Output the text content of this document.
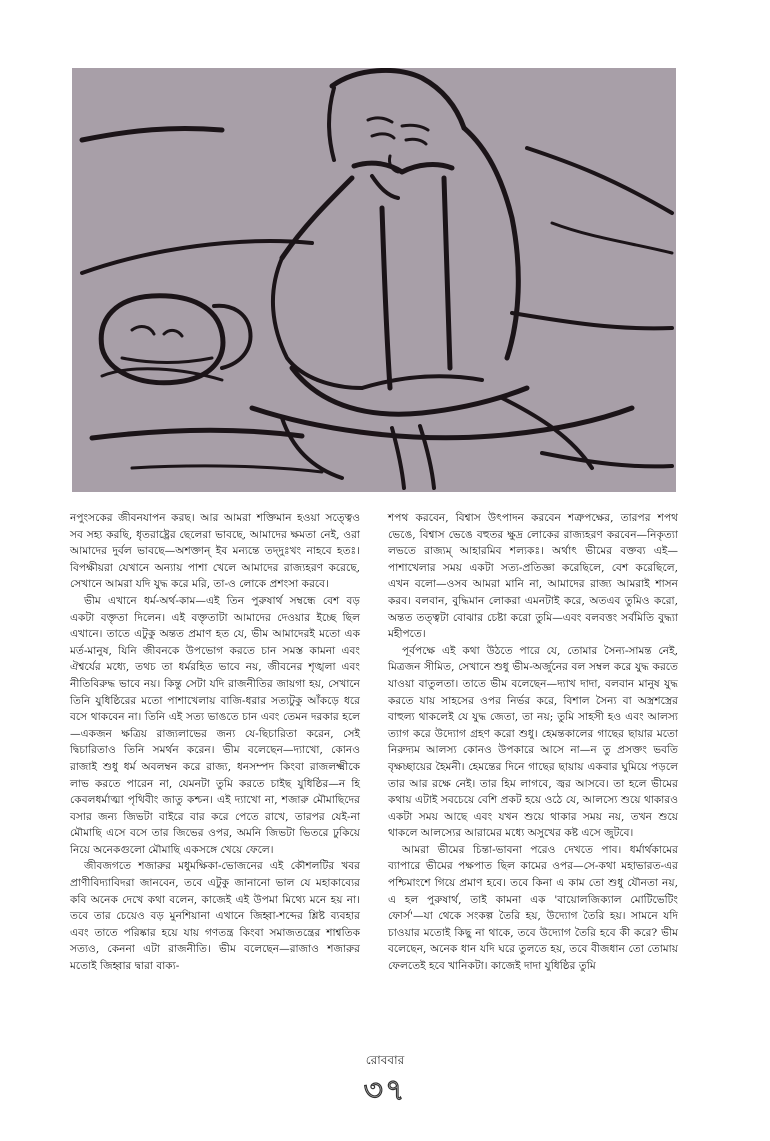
নপুংসকের জীবনযাপন করছ। আর আমরা শক্তিমান হওয়া সত্ত্বেও সব সহ্য করছি, ধৃতরাষ্ট্রের ছেলেরা ভাবছে, আমাদের ক্ষমতা নেই, ওরা আমাদের দুর্বল ভাবছে—অশক্তান্ ইব মন্যন্তে তদ্‌দুঃখং নাহবে হতঃ। বিপক্ষীয়রা যেখানে অন্যায় পাশা খেলে আমাদের রাজ্যহরণ করেছে, সেখানে আমরা যদি যুদ্ধ করে মরি, তা-ও লোকে প্রশংসা করবে।

ভীম এখানে ধর্ম-অর্থ-কাম—এই তিন পুরুষার্থ সম্বন্ধে বেশ বড় একটা বক্তৃতা দিলেন। এই বক্তৃতাটা আমাদের দেওয়ার ইচ্ছে ছিল এখানে। তাতে এটুকু অন্তত প্রমাণ হত যে, ভীম আমাদেরই মতো এক মর্ত-মানুষ, যিনি জীবনকে উপভোগ করতে চান সমস্ত কামনা এবং ঐশ্বর্যের মধ্যে, তথচ তা ধর্মরহিত ভাবে নয়, জীবনের শৃঙ্খলা এবং নীতিবিরুদ্ধ ভাবে নয়। কিন্তু সেটা যদি রাজনীতির জায়গা হয়, সেখানে তিনি যুধিষ্ঠিরের মতো পাশাখেলায় বাজি-ধরার সত্যটুকু আঁকড়ে ধরে বসে থাকবেন না। তিনি এই সত্য ভাঙতে চান এবং তেমন দরকার হলে—একজন ক্ষত্রিয় রাজ্যলাভের জন্য যে-ছিচারিতা করেন, সেই দ্বিচারিতাও তিনি সমর্থন করেন। ভীম বলেছেন—দ্যাখো, কোনও রাজাই শুধু ধর্ম অবলম্বন করে রাজ্য, ধনসম্পদ কিংবা রাজলক্ষ্মীকে লাভ করতে পারেন না, যেমনটা তুমি করতে চাইছ যুধিষ্ঠির—ন হি কেবলধর্মাত্মা পৃথিবীং জাতু কশ্চন। এই দ্যাখো না, শজারু মৌমাছিদের বসার জন্য জিভটা বাইরে বার করে পেতে রাখে, তারপর যেই-না মৌমাছি এসে বসে তার জিভের ওপর, অমনি জিভটা ভিতরে ঢুকিয়ে নিয়ে অনেকগুলো মৌমাছি একসঙ্গে খেয়ে ফেলে।

জীবজগতে শজারুর মধুমক্ষিকা-ভোজনের এই কৌশলটির খবর প্রাণীবিদ্যাবিদরা জানবেন, তবে এটুকু জানানো ভাল যে মহাকাব্যের কবি অনেক দেখে কথা বলেন, কাজেই এই উপমা মিথ্যে মনে হয় না। তবে তার চেয়েও বড় মুনশিয়ানা এখানে জিহ্বা-শব্দের শ্লিষ্ট ব্যবহার এবং তাতে পরিষ্কার হয়ে যায় গণতন্ত্র কিংবা সমাজতন্ত্রের শাশ্বতিক সত্যও, কেননা এটা রাজনীতি। ভীম বলেছেন—রাজাও শজারুর মতোই জিহ্বার দ্বারা বাক্য-

শপথ করবেন, বিশ্বাস উৎপাদন করবেন শত্রুপক্ষের, তারপর শপথ ভেঙে, বিশ্বাস ভেঙে বহুতর ক্ষুদ্র লোকের রাজ্যহরণ করবেন—নিকৃত্যা লভতে রাজ্যম্ আহারমিব শল্যকঃ। অর্থাৎ ভীমের বক্তব্য এই—পাশাখেলার সময় একটা সত্য-প্রতিজ্ঞা করেছিলে, বেশ করেছিলে, এখন বলো—ওসব আমরা মানি না, আমাদের রাজ্য আমরাই শাসন করব। বলবান, বুদ্ধিমান লোকরা এমনটাই করে, অতএব তুমিও করো, অন্তত তত্ত্বটা বোঝার চেষ্টা করো তুমি—এবং বলবত্তং সর্বমিতি বুদ্ধ্যা মহীপতে।

পূর্বপক্ষে এই কথা উঠতে পারে যে, তোমার সৈন্য-সামন্ত নেই, মিত্রজন সীমিত, সেখানে শুধু ভীম-অর্জুনের বল সম্বল করে যুদ্ধ করতে যাওয়া বাতুলতা। তাতে ভীম বলেছেন—দ্যাখ দাদা, বলবান মানুষ যুদ্ধ করতে যায় সাহসের ওপর নির্ভর করে, বিশাল সৈন্য বা অস্ত্রশস্ত্রের বাহুল্য থাকলেই যে যুদ্ধ জেতা, তা নয়; তুমি সাহসী হও এবং আলস্য ত্যাগ করে উদ্যোগ গ্রহণ করো শুধু। হেমন্তকালের গাছের ছায়ার মতো নিরুদ্যম আলস্য কোনও উপকারে আসে না—ন তু প্রসক্তং ভবতি বৃক্ষচ্ছায়ের হৈমনী। হেমন্তের দিনে গাছের ছায়ায় একবার ঘুমিয়ে পড়লে তার আর রক্ষে নেই। তার হিম লাগবে, জ্বর আসবে। তা হলে ভীমের কথায় এটাই সবচেয়ে বেশি প্রকট হয়ে ওঠে যে, আলস্যে শুয়ে থাকারও একটা সময় আছে এবং যখন শুয়ে থাকার সময় নয়, তখন শুয়ে থাকলে আলস্যের আরামের মধ্যে অসুখের কষ্ট এসে জুটবে।

আমরা ভীমের চিন্তা-ভাবনা পরেও দেখতে পাব। ধর্মার্থকামের ব্যাপারে ভীমের পক্ষপাত ছিল কামের ওপর—সে-কথা মহাভারত-এর পশ্চিমাংশে গিয়ে প্রমাণ হবে। তবে কিনা এ কাম তো শুধু যৌনতা নয়, এ হল পুরুষার্থ, তাই কামনা এক 'বায়োলজিক্যাল মোটিভেটিং ফোর্স'—যা থেকে সংকল্প তৈরি হয়, উদ্যোগ তৈরি হয়। সামনে যদি চাওয়ার মতোই কিছু না থাকে, তবে উদ্যোগ তৈরি হবে কী করে? ভীম বলেছেন, অনেক ধান যদি ঘরে তুলতে হয়, তবে বীজধান তো তোমায় ফেলতেই হবে খানিকটা। কাজেই দাদা যুধিষ্ঠির তুমি

রোববার
৩৭
